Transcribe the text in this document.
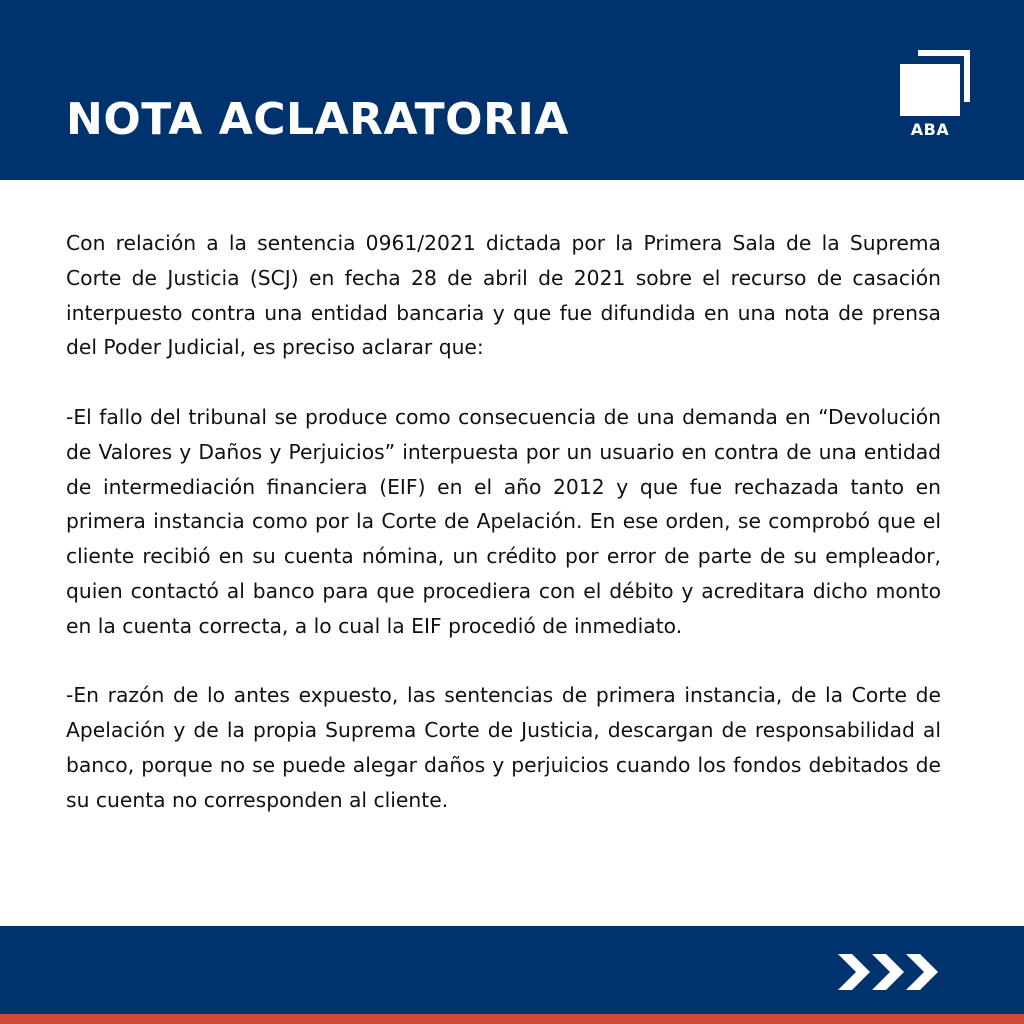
NOTA ACLARATORIA	ABA

Con relación a la sentencia 0961/2021 dictada por la Primera Sala de la Suprema Corte de Justicia (SCJ) en fecha 28 de abril de 2021 sobre el recurso de casación interpuesto contra una entidad bancaria y que fue difundida en una nota de prensa del Poder Judicial, es preciso aclarar que:

-El fallo del tribunal se produce como consecuencia de una demanda en “Devolución de Valores y Daños y Perjuicios” interpuesta por un usuario en contra de una entidad de intermediación financiera (EIF) en el año 2012 y que fue rechazada tanto en primera instancia como por la Corte de Apelación. En ese orden, se comprobó que el cliente recibió en su cuenta nómina, un crédito por error de parte de su empleador, quien contactó al banco para que procediera con el débito y acreditara dicho monto en la cuenta correcta, a lo cual la EIF procedió de inmediato.

-En razón de lo antes expuesto, las sentencias de primera instancia, de la Corte de Apelación y de la propia Suprema Corte de Justicia, descargan de responsabilidad al banco, porque no se puede alegar daños y perjuicios cuando los fondos debitados de su cuenta no corresponden al cliente.
